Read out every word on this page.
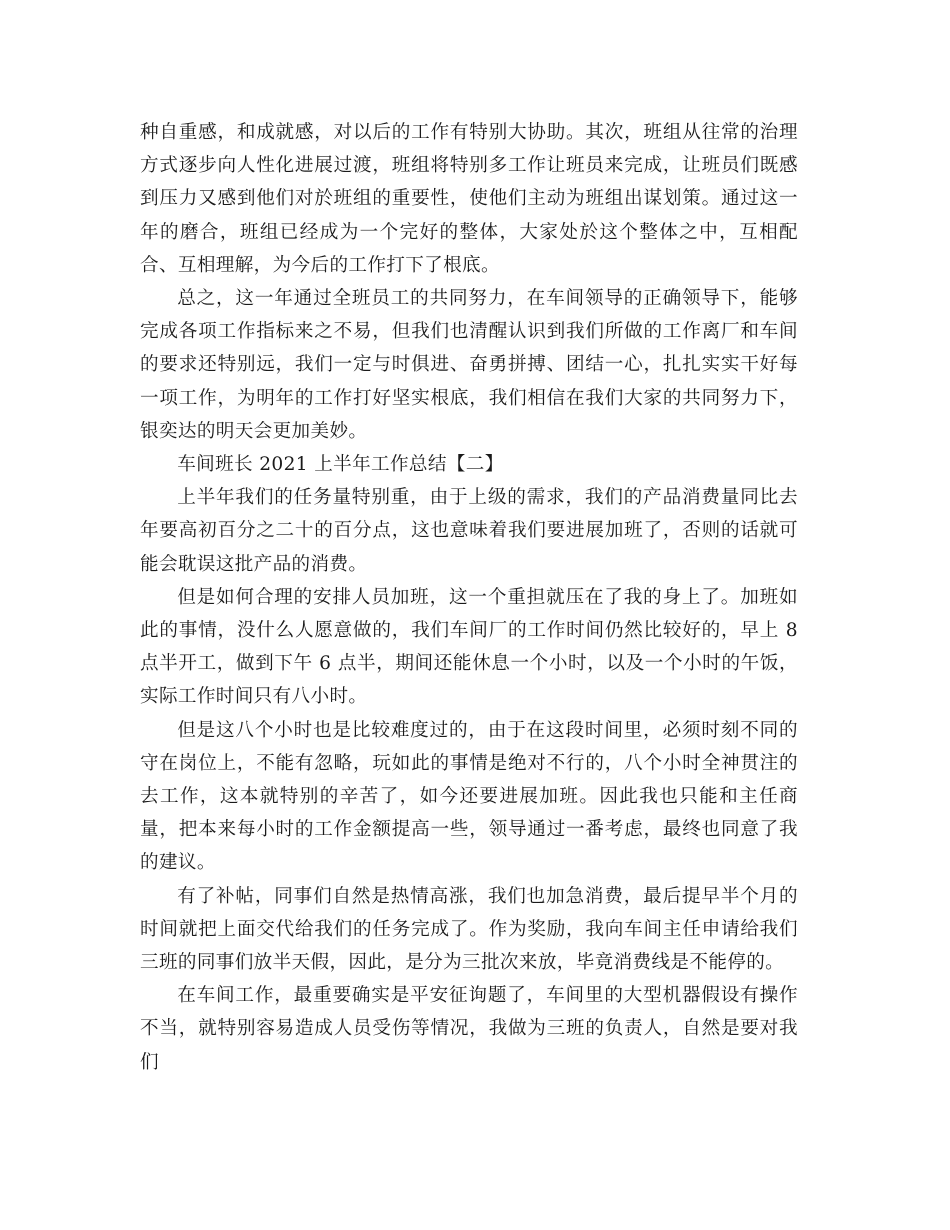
种自重感，和成就感，对以后的工作有特别大协助。其次，班组从往常的治理方式逐步向人性化进展过渡，班组将特别多工作让班员来完成，让班员们既感到压力又感到他们对於班组的重要性，使他们主动为班组出谋划策。通过这一年的磨合，班组已经成为一个完好的整体，大家处於这个整体之中，互相配合、互相理解，为今后的工作打下了根底。

总之，这一年通过全班员工的共同努力，在车间领导的正确领导下，能够完成各项工作指标来之不易，但我们也清醒认识到我们所做的工作离厂和车间的要求还特别远，我们一定与时俱进、奋勇拼搏、团结一心，扎扎实实干好每一项工作，为明年的工作打好坚实根底，我们相信在我们大家的共同努力下，银奕达的明天会更加美妙。

车间班长 2021 上半年工作总结【二】

上半年我们的任务量特别重，由于上级的需求，我们的产品消费量同比去年要高初百分之二十的百分点，这也意味着我们要进展加班了，否则的话就可能会耽误这批产品的消费。

但是如何合理的安排人员加班，这一个重担就压在了我的身上了。加班如此的事情，没什么人愿意做的，我们车间厂的工作时间仍然比较好的，早上 8 点半开工，做到下午 6 点半，期间还能休息一个小时，以及一个小时的午饭，实际工作时间只有八小时。

但是这八个小时也是比较难度过的，由于在这段时间里，必须时刻不同的守在岗位上，不能有忽略，玩如此的事情是绝对不行的，八个小时全神贯注的去工作，这本就特别的辛苦了，如今还要进展加班。因此我也只能和主任商量，把本来每小时的工作金额提高一些，领导通过一番考虑，最终也同意了我的建议。

有了补帖，同事们自然是热情高涨，我们也加急消费，最后提早半个月的时间就把上面交代给我们的任务完成了。作为奖励，我向车间主任申请给我们三班的同事们放半天假，因此，是分为三批次来放，毕竟消费线是不能停的。

在车间工作，最重要确实是平安征询题了，车间里的大型机器假设有操作不当，就特别容易造成人员受伤等情况，我做为三班的负责人，自然是要对我们
